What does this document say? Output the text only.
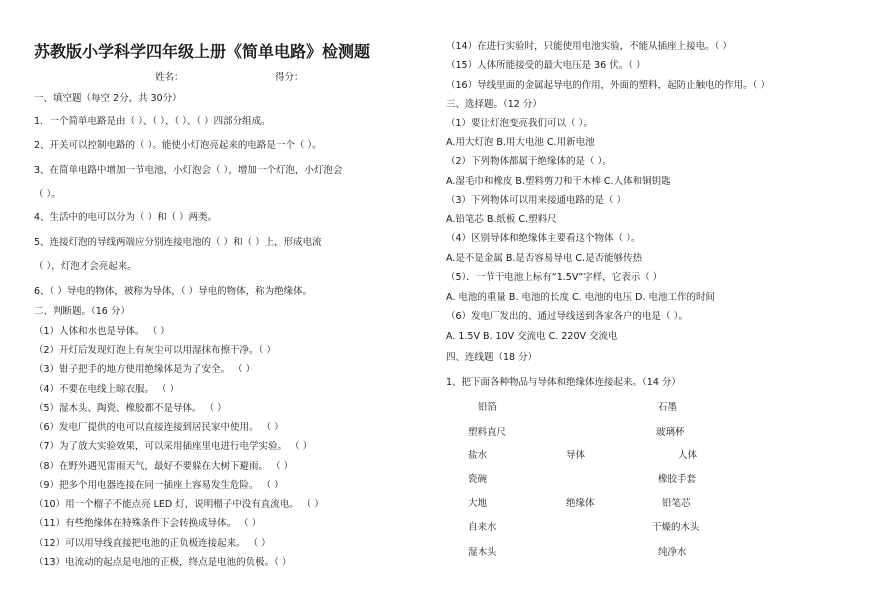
苏教版小学科学四年级上册《简单电路》检测题
姓名：	得分：
一、填空题（每空 2分，共 30分）
1．一个简单电路是由（ ）、（ ）、（ ）、（ ）四部分组成。
2、开关可以控制电路的（ ）。能使小灯泡亮起来的电路是一个（ ）。
3、在简单电路中增加一节电池，小灯泡会（ ），增加一个灯泡，小灯泡会
（ ）。
4、生活中的电可以分为（ ）和（ ）两类。
5、连接灯泡的导线两端应分别连接电池的（ ）和（ ）上，形成电流
（ ），灯泡才会亮起来。
6、（ ）导电的物体，被称为导体，（ ）导电的物体，称为绝缘体。
二、判断题。（16 分）
（1）人体和水也是导体。 （ ）
（2）开灯后发现灯泡上有灰尘可以用湿抹布擦干净。（ ）
（3）钳子把手的地方使用绝缘体是为了安全。 （ ）
（4）不要在电线上晾衣服。 （ ）
（5）湿木头、陶瓷、橡胶都不是导体。 （ ）
（6）发电厂提供的电可以直接连接到居民家中使用。 （ ）
（7）为了放大实验效果，可以采用插座里电进行电学实验。 （ ）
（8）在野外遇见雷雨天气，最好不要躲在大树下避雨。 （ ）
（9）把多个用电器连接在同一插座上容易发生危险。 （ ）
（10）用一个榴子不能点亮 LED 灯，说明榴子中没有直流电。 （ ）
（11）有些绝缘体在特殊条件下会转换成导体。 （ ）
（12）可以用导线直接把电池的正负极连接起来。 （ ）
（13）电流动的起点是电池的正极，终点是电池的负极。（ ）
（14）在进行实验时，只能使用电池实验，不能从插座上接电。（ ）
（15）人体所能接受的最大电压是 36 伏。（ ）
（16）导线里面的金属起导电的作用，外面的塑料，起防止触电的作用。（ ）
三、选择题。（12 分）
（1）要让灯泡变亮我们可以（ ）。
A.用大灯泡 B.用大电池 C.用新电池
（2）下列物体都属于绝缘体的是（ ）。
A.湿毛巾和橡皮 B.塑料剪刀和干木棒 C.人体和铜钥匙
（3）下列物体可以用来接通电路的是（ ）
A.铅笔芯 B.纸板 C.塑料尺
（4）区别导体和绝缘体主要看这个物体（ ）。
A.是不是金属 B.是否容易导电 C.是否能够传热
（5）．一节干电池上标有“1.5V”字样，它表示（ ）
A. 电池的重量 B. 电池的长度 C. 电池的电压 D. 电池工作的时间
（6）发电厂发出的、通过导线送到各家各户的电是（ ）。
A. 1.5V B. 10V 交流电 C. 220V 交流电
四、连线题（18 分）
1、把下面各种物品与导体和绝缘体连接起来。（14 分）
铅箔
塑料直尺
盐水
瓷碗
大地
自来水
湿木头
导体
绝缘体
石墨
玻璃杯
人体
橡胶手套
铅笔芯
干燥的木头
纯净水
